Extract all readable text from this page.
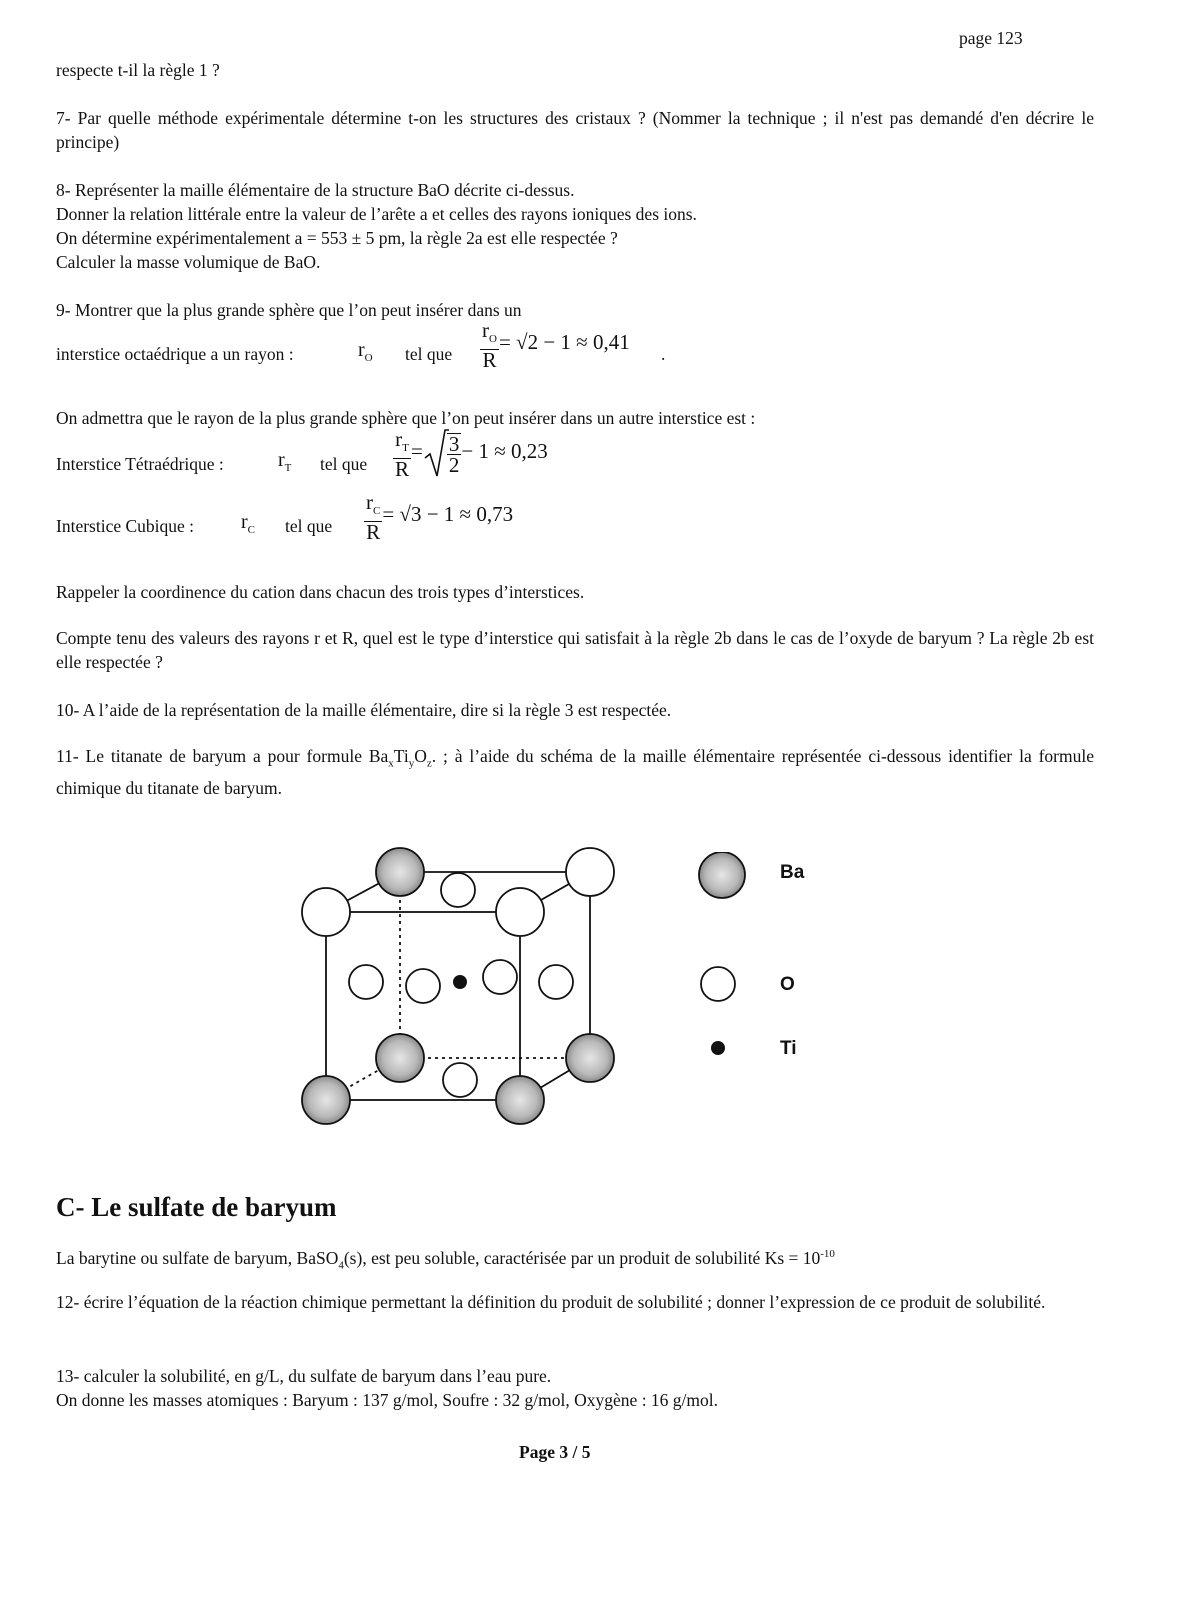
page 123
respecte t-il la règle 1 ?
7- Par quelle méthode expérimentale détermine t-on les structures des cristaux ? (Nommer la technique ; il n'est pas demandé d'en décrire le principe)
8- Représenter la maille élémentaire de la structure BaO décrite ci-dessus.
Donner la relation littérale entre la valeur de l’arête a et celles des rayons ioniques des ions.
On détermine expérimentalement a = 553 ± 5 pm, la règle 2a est elle respectée ?
Calculer la masse volumique de BaO.
9- Montrer que la plus grande sphère que l’on peut insérer dans un
interstice octaédrique a un rayon :	$r_O$ tel que $\frac{r_O}{R} = √2 - 1 \approx 0,41$ .
On admettra que le rayon de la plus grande sphère que l’on peut insérer dans un autre interstice est :
Interstice Tétraédrique :	$r_T$ tel que $\frac{r_T}{R} = \frac{3}{2} - 1 \approx 0,23$
Interstice Cubique : $r_C$ tel que $\frac{r_C}{R} = √3 - 1 \approx 0,73$
Rappeler la coordinence du cation dans chacun des trois types d’interstices.
Compte tenu des valeurs des rayons r et R, quel est le type d’interstice qui satisfait à la règle 2b dans le cas de l’oxyde de baryum ? La règle 2b est elle respectée ?
10- A l’aide de la représentation de la maille élémentaire, dire si la règle 3 est respectée.
11- Le titanate de baryum a pour formule $Ba_xTi_yO_z$. ; à l’aide du schéma de la maille élémentaire représentée ci-dessous identifier la formule chimique du titanate de baryum.
Ba
O
Ti
C- Le sulfate de baryum
La barytine ou sulfate de baryum, BaSO$_4$(s), est peu soluble, caractérisée par un produit de solubilité $Ks = 10^{-10}$
12- écrire l’équation de la réaction chimique permettant la définition du produit de solubilité ; donner l’expression de ce produit de solubilité.
13- calculer la solubilité, en g/L, du sulfate de baryum dans l’eau pure.
On donne les masses atomiques : Baryum : 137 g/mol, Soufre : 32 g/mol, Oxygène : 16 g/mol.
Page 3 / 5
